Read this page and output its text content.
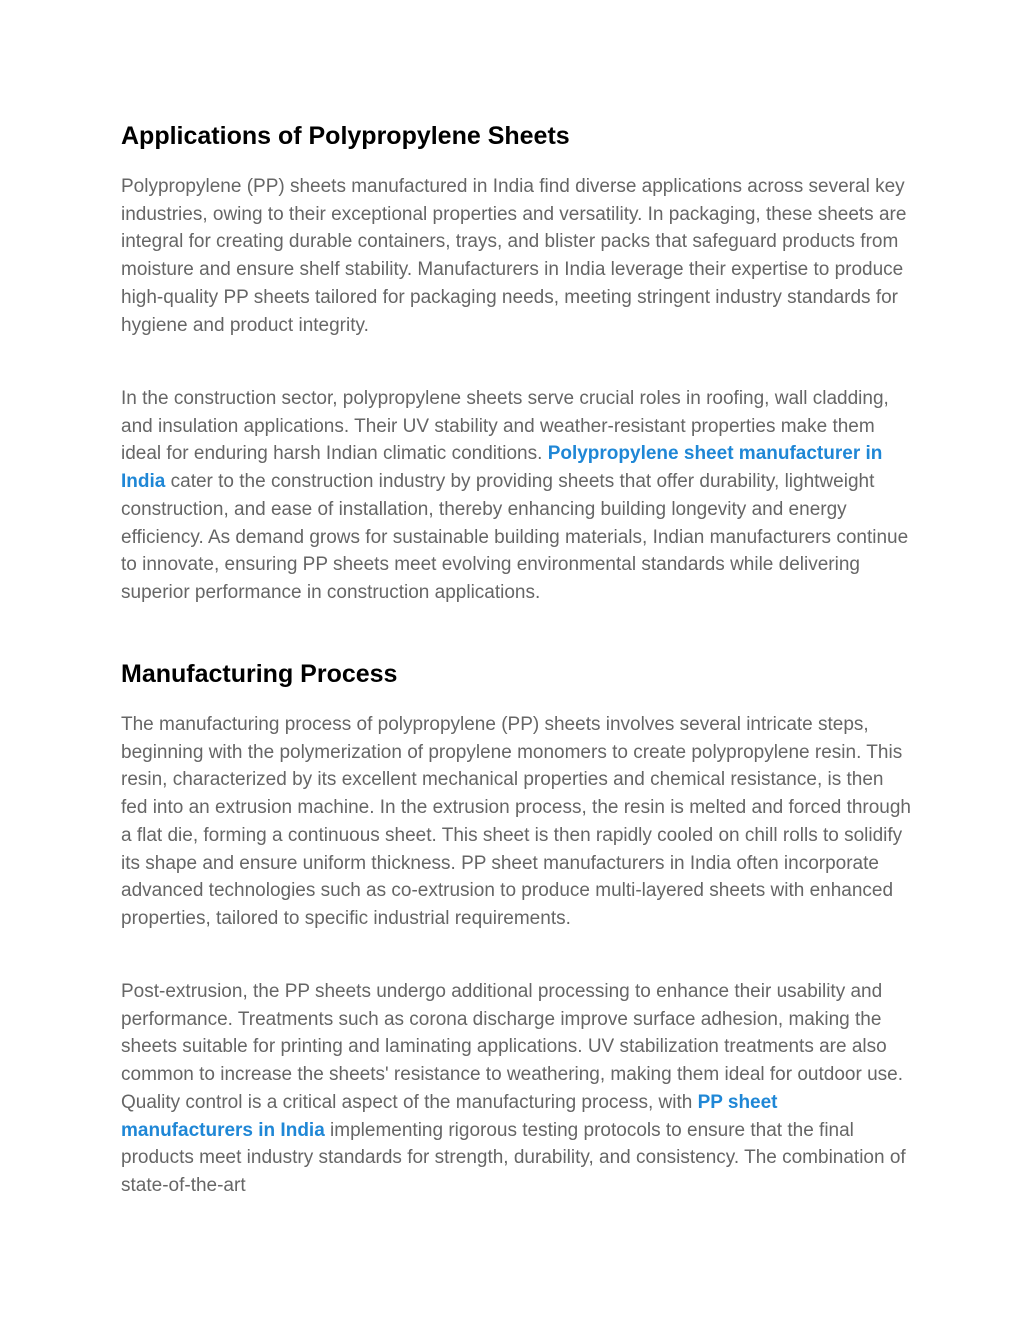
Applications of Polypropylene Sheets

Polypropylene (PP) sheets manufactured in India find diverse applications across several key industries, owing to their exceptional properties and versatility. In packaging, these sheets are integral for creating durable containers, trays, and blister packs that safeguard products from moisture and ensure shelf stability. Manufacturers in India leverage their expertise to produce high-quality PP sheets tailored for packaging needs, meeting stringent industry standards for hygiene and product integrity.

In the construction sector, polypropylene sheets serve crucial roles in roofing, wall cladding, and insulation applications. Their UV stability and weather-resistant properties make them ideal for enduring harsh Indian climatic conditions. Polypropylene sheet manufacturer in India cater to the construction industry by providing sheets that offer durability, lightweight construction, and ease of installation, thereby enhancing building longevity and energy efficiency. As demand grows for sustainable building materials, Indian manufacturers continue to innovate, ensuring PP sheets meet evolving environmental standards while delivering superior performance in construction applications.

Manufacturing Process

The manufacturing process of polypropylene (PP) sheets involves several intricate steps, beginning with the polymerization of propylene monomers to create polypropylene resin. This resin, characterized by its excellent mechanical properties and chemical resistance, is then fed into an extrusion machine. In the extrusion process, the resin is melted and forced through a flat die, forming a continuous sheet. This sheet is then rapidly cooled on chill rolls to solidify its shape and ensure uniform thickness. PP sheet manufacturers in India often incorporate advanced technologies such as co-extrusion to produce multi-layered sheets with enhanced properties, tailored to specific industrial requirements.

Post-extrusion, the PP sheets undergo additional processing to enhance their usability and performance. Treatments such as corona discharge improve surface adhesion, making the sheets suitable for printing and laminating applications. UV stabilization treatments are also common to increase the sheets' resistance to weathering, making them ideal for outdoor use. Quality control is a critical aspect of the manufacturing process, with PP sheet manufacturers in India implementing rigorous testing protocols to ensure that the final products meet industry standards for strength, durability, and consistency. The combination of state-of-the-art
